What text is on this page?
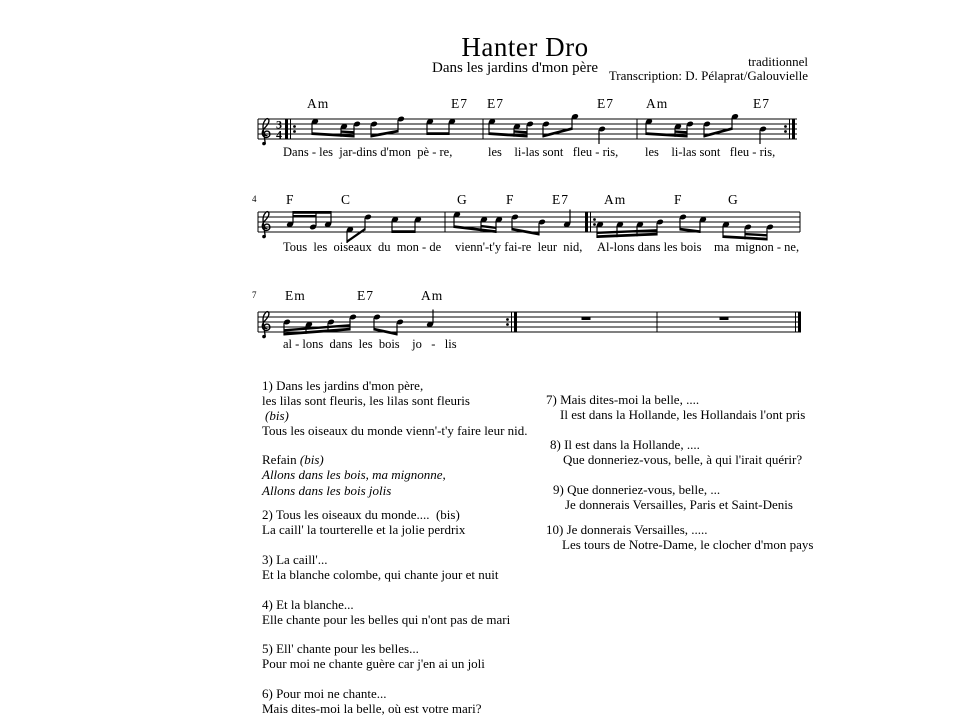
Hanter Dro
Dans les jardins d'mon père	traditionnel
Transcription: D. Pélaprat/Galouvielle
3
4
Am	E7 E7	E7 Am	E7
Dans - les  jar-dins d'mon  pè - re,	les    li-las sont   fleu - ris, les    li-las sont   fleu - ris,
F	C	G	F	E7	Am	F	G
Tous  les  oiseaux  du  mon - de vienn'-t'y fai-re  leur  nid, Al-lons dans les bois    ma  mignon - ne,
4
Em	E7	Am
al - lons  dans  les  bois    jo   -   lis
7
1) Dans les jardins d'mon père,
les lilas sont fleuris, les lilas sont fleuris
(bis)
Tous les oiseaux du monde vienn'-t'y faire leur nid.
Refain (bis)
Allons dans les bois, ma mignonne,
Allons dans les bois jolis
2) Tous les oiseaux du monde....  (bis)
La caill' la tourterelle et la jolie perdrix
3) La caill'...
Et la blanche colombe, qui chante jour et nuit
4) Et la blanche...
Elle chante pour les belles qui n'ont pas de mari
5) Ell' chante pour les belles...
Pour moi ne chante guère car j'en ai un joli
6) Pour moi ne chante...
Mais dites-moi la belle, où est votre mari?
7) Mais dites-moi la belle, ....
Il est dans la Hollande, les Hollandais l'ont pris
8) Il est dans la Hollande, ....
Que donneriez-vous, belle, à qui l'irait quérir?
9) Que donneriez-vous, belle, ...
Je donnerais Versailles, Paris et Saint-Denis
10) Je donnerais Versailles, .....
Les tours de Notre-Dame, le clocher d'mon pays
